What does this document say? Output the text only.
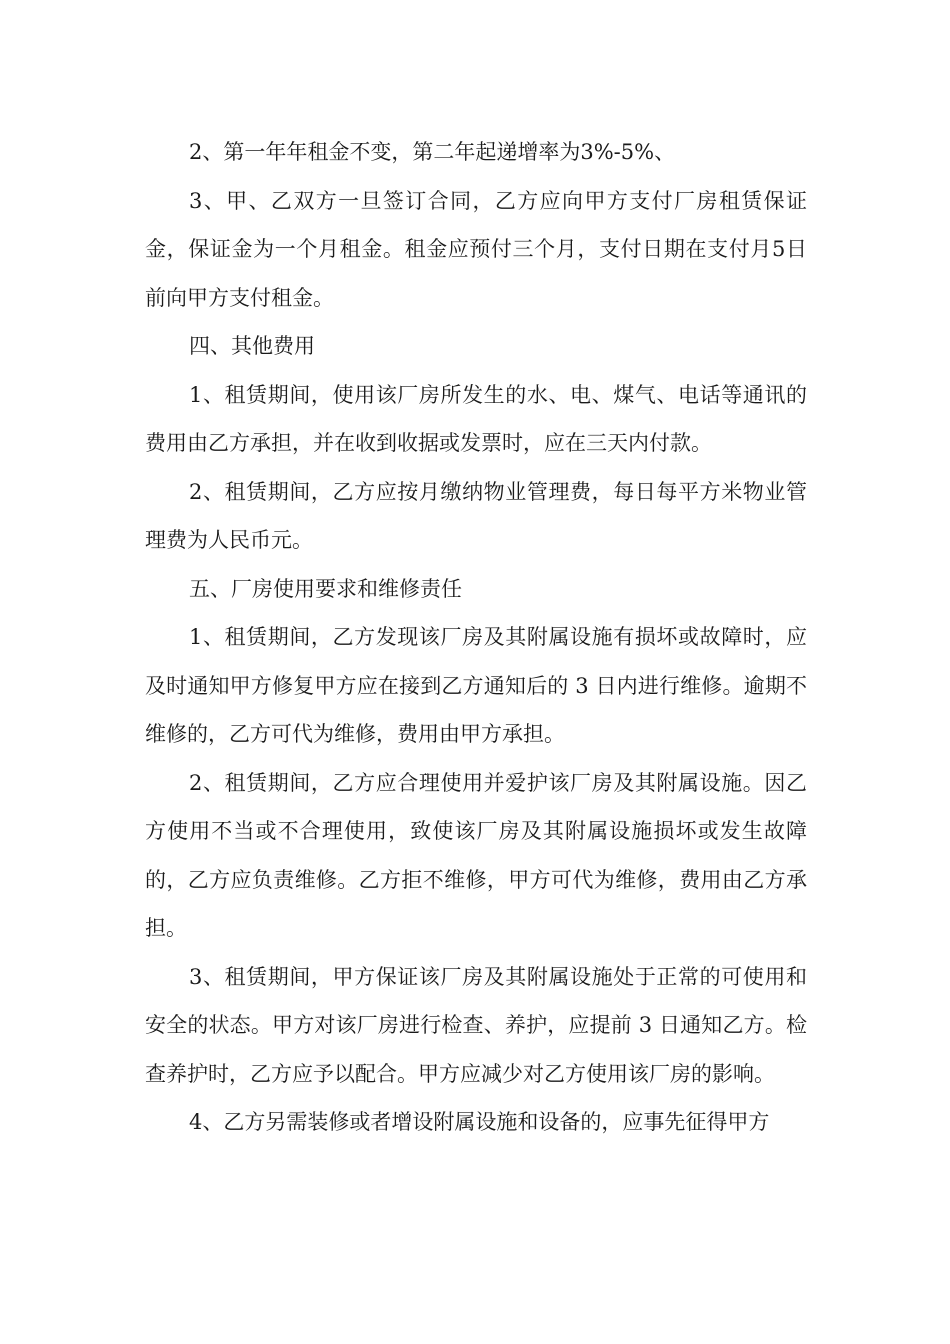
2、第一年年租金不变，第二年起递增率为3%-5%、

3、甲、乙双方一旦签订合同，乙方应向甲方支付厂房租赁保证金，保证金为一个月租金。租金应预付三个月，支付日期在支付月5日前向甲方支付租金。

四、其他费用

1、租赁期间，使用该厂房所发生的水、电、煤气、电话等通讯的费用由乙方承担，并在收到收据或发票时，应在三天内付款。

2、租赁期间，乙方应按月缴纳物业管理费，每日每平方米物业管理费为人民币元。

五、厂房使用要求和维修责任

1、租赁期间，乙方发现该厂房及其附属设施有损坏或故障时，应及时通知甲方修复甲方应在接到乙方通知后的 3 日内进行维修。逾期不维修的，乙方可代为维修，费用由甲方承担。

2、租赁期间，乙方应合理使用并爱护该厂房及其附属设施。因乙方使用不当或不合理使用，致使该厂房及其附属设施损坏或发生故障的，乙方应负责维修。乙方拒不维修，甲方可代为维修，费用由乙方承担。

3、租赁期间，甲方保证该厂房及其附属设施处于正常的可使用和安全的状态。甲方对该厂房进行检查、养护，应提前 3 日通知乙方。检查养护时，乙方应予以配合。甲方应减少对乙方使用该厂房的影响。

4、乙方另需装修或者增设附属设施和设备的，应事先征得甲方
